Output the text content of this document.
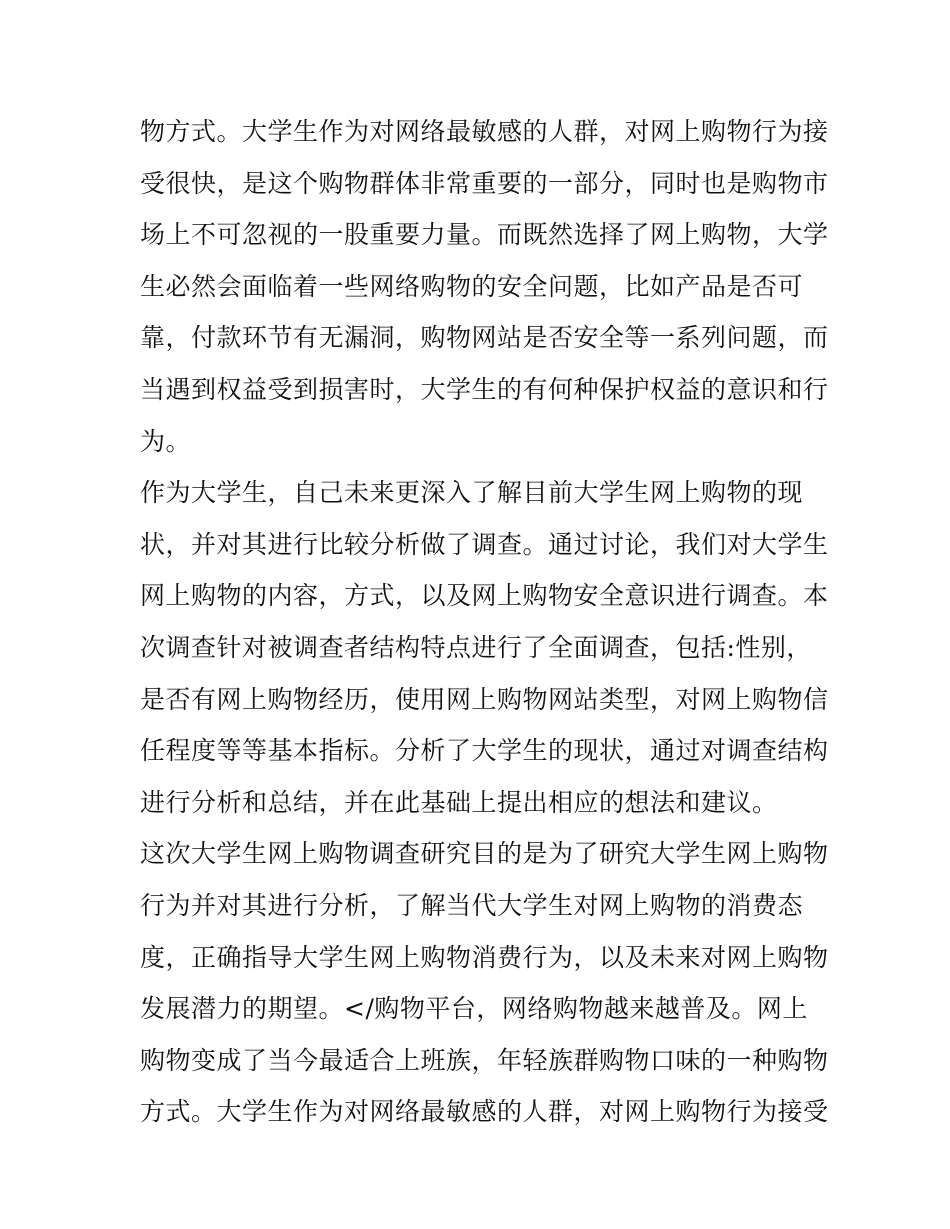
物方式。大学生作为对网络最敏感的人群，对网上购物行为接
受很快，是这个购物群体非常重要的一部分，同时也是购物市
场上不可忽视的一股重要力量。而既然选择了网上购物，大学
生必然会面临着一些网络购物的安全问题，比如产品是否可
靠，付款环节有无漏洞，购物网站是否安全等一系列问题，而
当遇到权益受到损害时，大学生的有何种保护权益的意识和行
为。
作为大学生，自己未来更深入了解目前大学生网上购物的现
状，并对其进行比较分析做了调查。通过讨论，我们对大学生
网上购物的内容，方式，以及网上购物安全意识进行调查。本
次调查针对被调查者结构特点进行了全面调查，包括:性别，
是否有网上购物经历，使用网上购物网站类型，对网上购物信
任程度等等基本指标。分析了大学生的现状，通过对调查结构
进行分析和总结，并在此基础上提出相应的想法和建议。
这次大学生网上购物调查研究目的是为了研究大学生网上购物
行为并对其进行分析，了解当代大学生对网上购物的消费态
度，正确指导大学生网上购物消费行为，以及未来对网上购物
发展潜力的期望。</购物平台，网络购物越来越普及。网上
购物变成了当今最适合上班族，年轻族群购物口味的一种购物
方式。大学生作为对网络最敏感的人群，对网上购物行为接受
